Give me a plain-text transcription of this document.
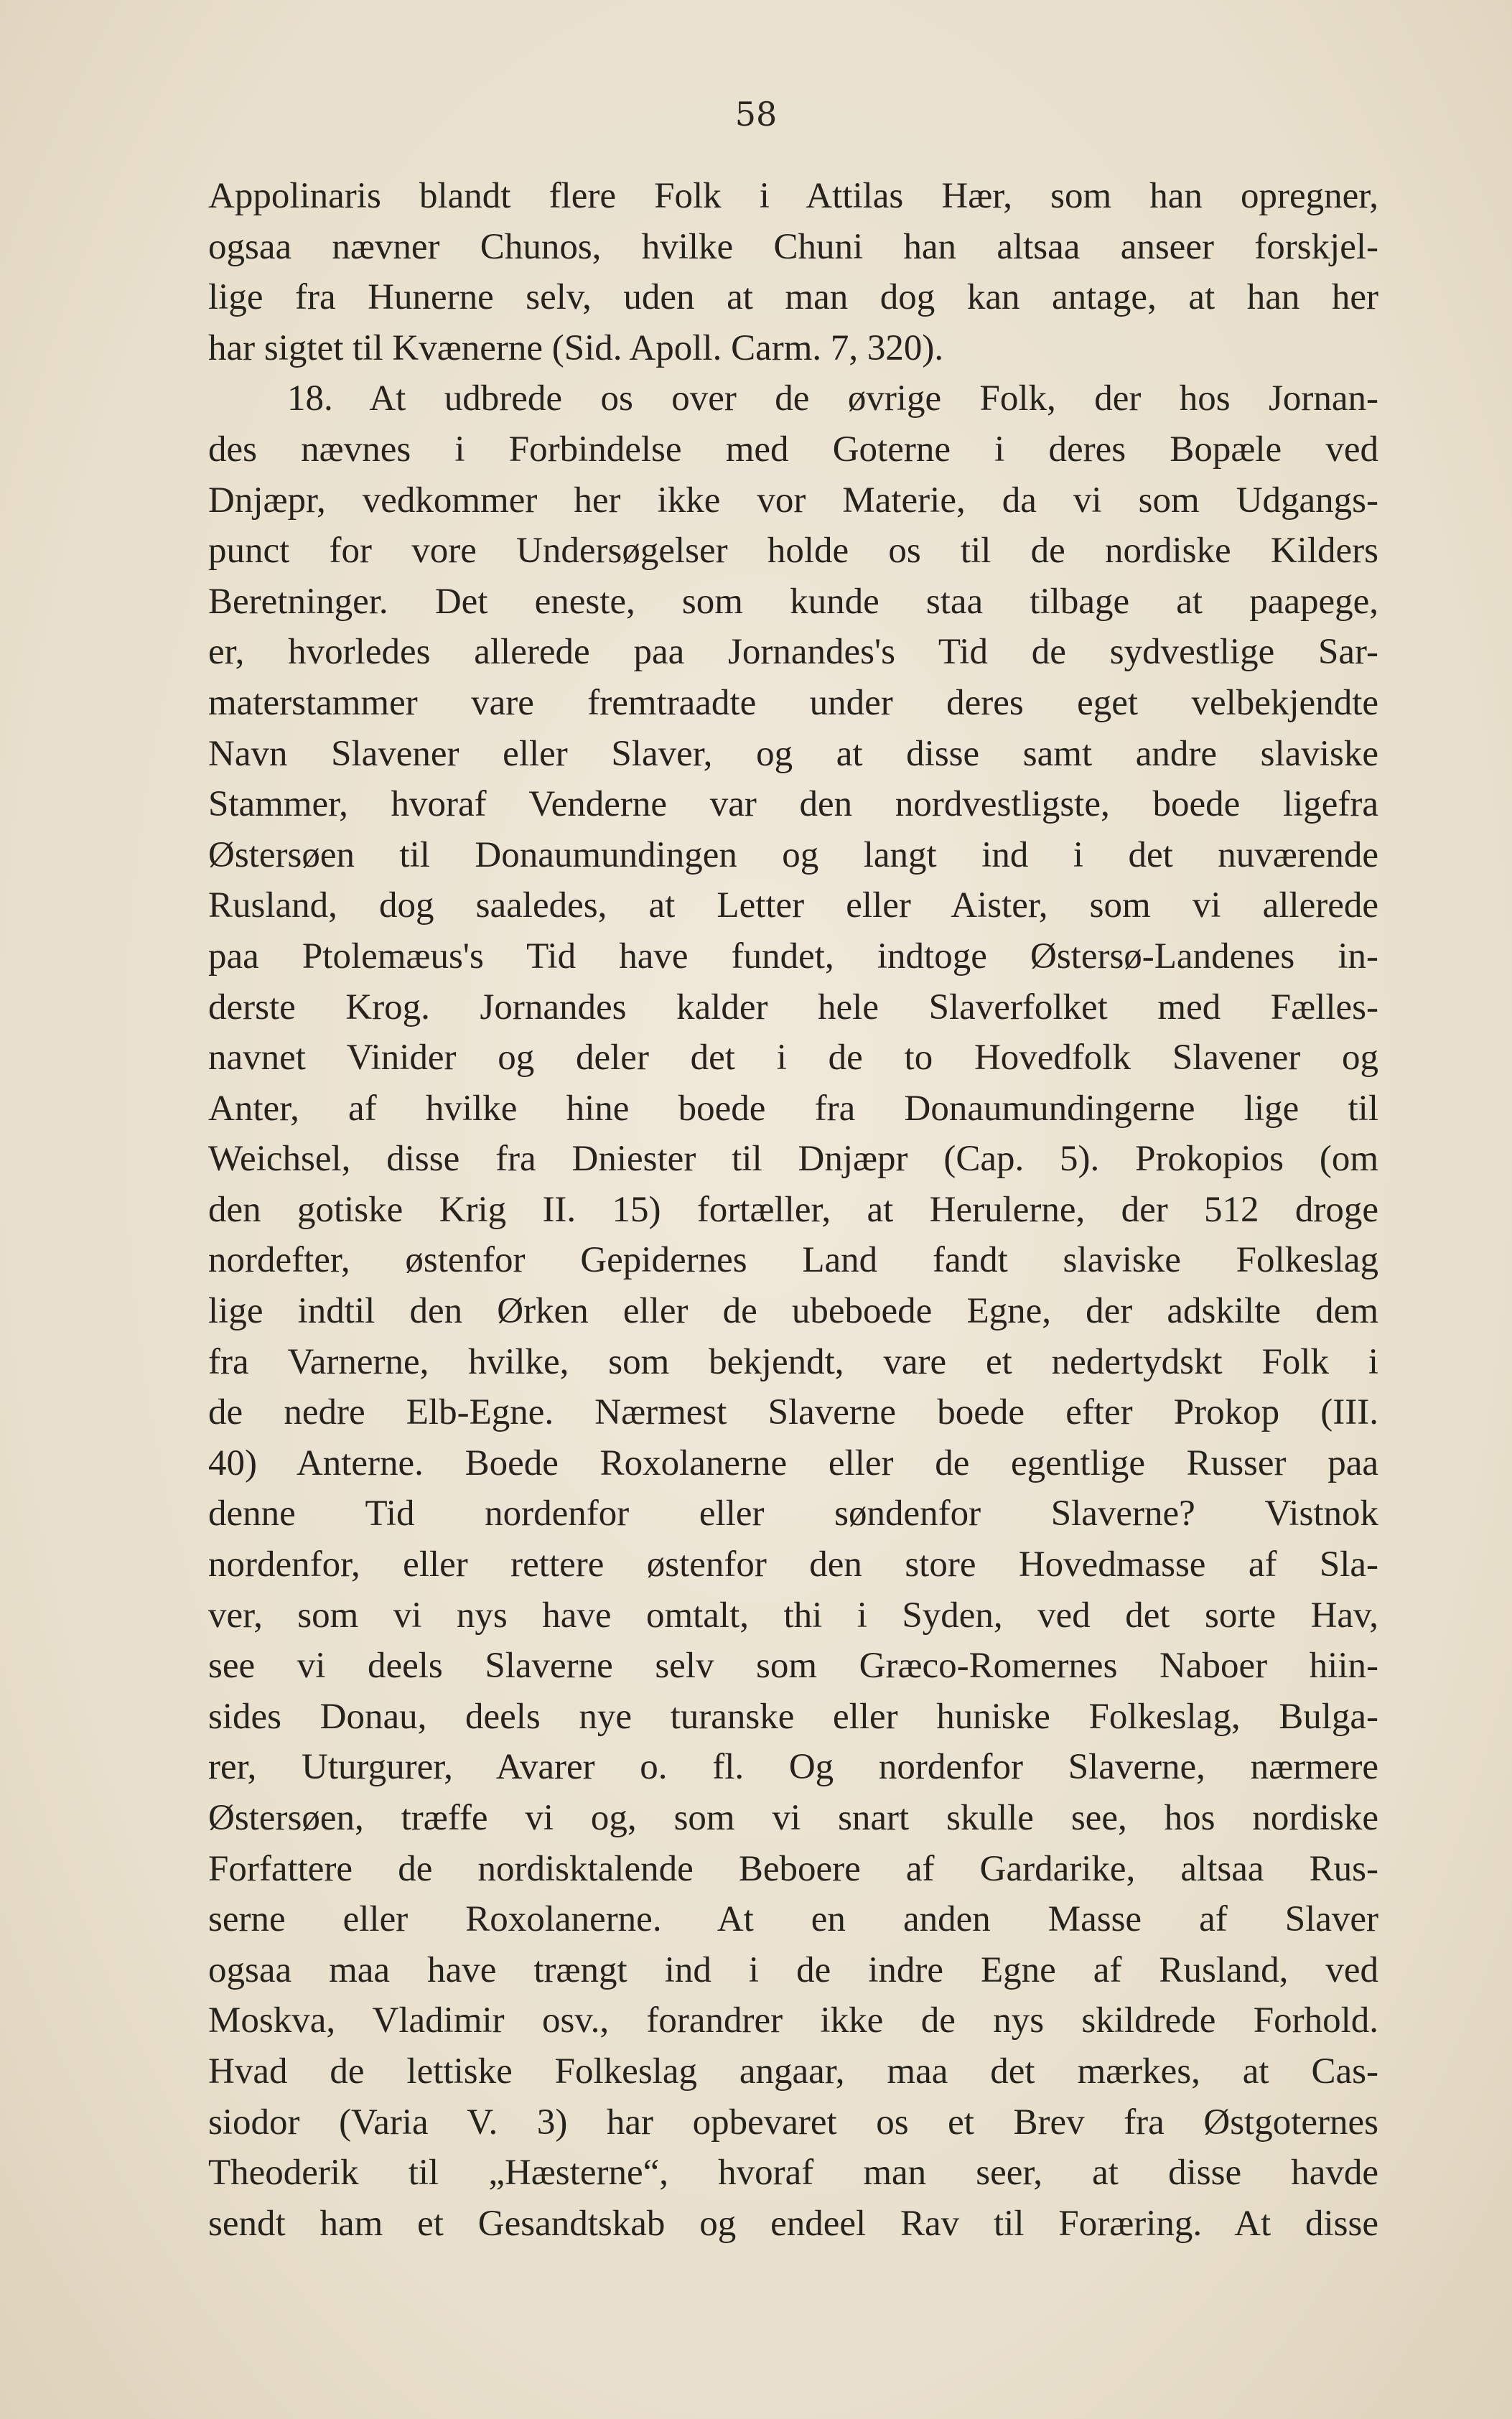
58
Appolinaris blandt flere Folk i Attilas Hær, som han opregner,
ogsaa nævner Chunos, hvilke Chuni han altsaa anseer forskjel-
lige fra Hunerne selv, uden at man dog kan antage, at han her
har sigtet til Kvænerne (Sid. Apoll. Carm. 7, 320).
18. At udbrede os over de øvrige Folk, der hos Jornan-
des nævnes i Forbindelse med Goterne i deres Bopæle ved
Dnjæpr, vedkommer her ikke vor Materie, da vi som Udgangs-
punct for vore Undersøgelser holde os til de nordiske Kilders
Beretninger. Det eneste, som kunde staa tilbage at paapege,
er, hvorledes allerede paa Jornandes's Tid de sydvestlige Sar-
materstammer vare fremtraadte under deres eget velbekjendte
Navn Slavener eller Slaver, og at disse samt andre slaviske
Stammer, hvoraf Venderne var den nordvestligste, boede ligefra
Østersøen til Donaumundingen og langt ind i det nuværende
Rusland, dog saaledes, at Letter eller Aister, som vi allerede
paa Ptolemæus's Tid have fundet, indtoge Østersø-Landenes in-
derste Krog. Jornandes kalder hele Slaverfolket med Fælles-
navnet Vinider og deler det i de to Hovedfolk Slavener og
Anter, af hvilke hine boede fra Donaumundingerne lige til
Weichsel, disse fra Dniester til Dnjæpr (Cap. 5). Prokopios (om
den gotiske Krig II. 15) fortæller, at Herulerne, der 512 droge
nordefter, østenfor Gepidernes Land fandt slaviske Folkeslag
lige indtil den Ørken eller de ubeboede Egne, der adskilte dem
fra Varnerne, hvilke, som bekjendt, vare et nedertydskt Folk i
de nedre Elb-Egne. Nærmest Slaverne boede efter Prokop (III.
40) Anterne. Boede Roxolanerne eller de egentlige Russer paa
denne Tid nordenfor eller søndenfor Slaverne? Vistnok
nordenfor, eller rettere østenfor den store Hovedmasse af Sla-
ver, som vi nys have omtalt, thi i Syden, ved det sorte Hav,
see vi deels Slaverne selv som Græco-Romernes Naboer hiin-
sides Donau, deels nye turanske eller huniske Folkeslag, Bulga-
rer, Uturgurer, Avarer o. fl. Og nordenfor Slaverne, nærmere
Østersøen, træffe vi og, som vi snart skulle see, hos nordiske
Forfattere de nordisktalende Beboere af Gardarike, altsaa Rus-
serne eller Roxolanerne. At en anden Masse af Slaver
ogsaa maa have trængt ind i de indre Egne af Rusland, ved
Moskva, Vladimir osv., forandrer ikke de nys skildrede Forhold.
Hvad de lettiske Folkeslag angaar, maa det mærkes, at Cas-
siodor (Varia V. 3) har opbevaret os et Brev fra Østgoternes
Theoderik til „Hæsterne“, hvoraf man seer, at disse havde
sendt ham et Gesandtskab og endeel Rav til Foræring. At disse
